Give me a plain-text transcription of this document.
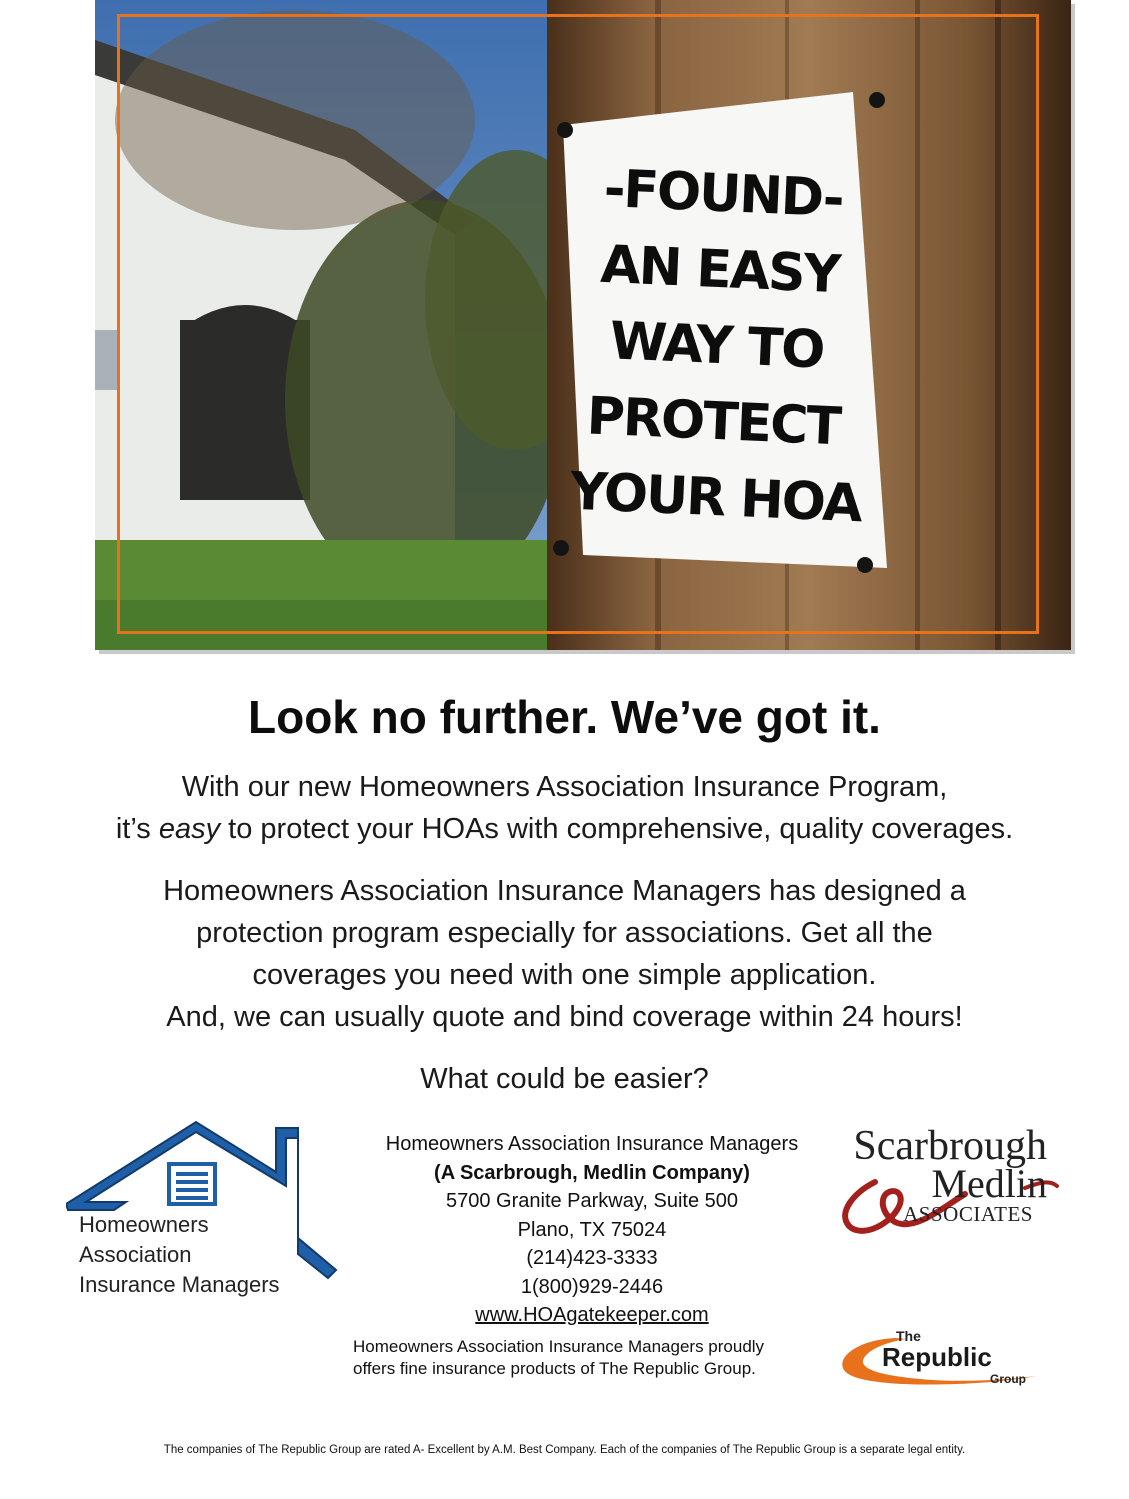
-FOUND-
AN EASY
WAY TO
PROTECT
YOUR HOA
Look no further. We’ve got it.
With our new Homeowners Association Insurance Program,
it’s easy to protect your HOAs with comprehensive, quality coverages.
Homeowners Association Insurance Managers has designed a
protection program especially for associations. Get all the
coverages you need with one simple application.
And, we can usually quote and bind coverage within 24 hours!
What could be easier?
Homeowners
Association
Insurance Managers
Homeowners Association Insurance Managers
(A Scarbrough, Medlin Company)
5700 Granite Parkway, Suite 500
Plano, TX 75024
(214)423-3333
1(800)929-2446
www.HOAgatekeeper.com
Scarbrough
Medlin
ASSOCIATES
Homeowners Association Insurance Managers proudly
offers fine insurance products of The Republic Group.
The
Republic
Group
The companies of The Republic Group are rated A- Excellent by A.M. Best Company. Each of the companies of The Republic Group is a separate legal entity.
